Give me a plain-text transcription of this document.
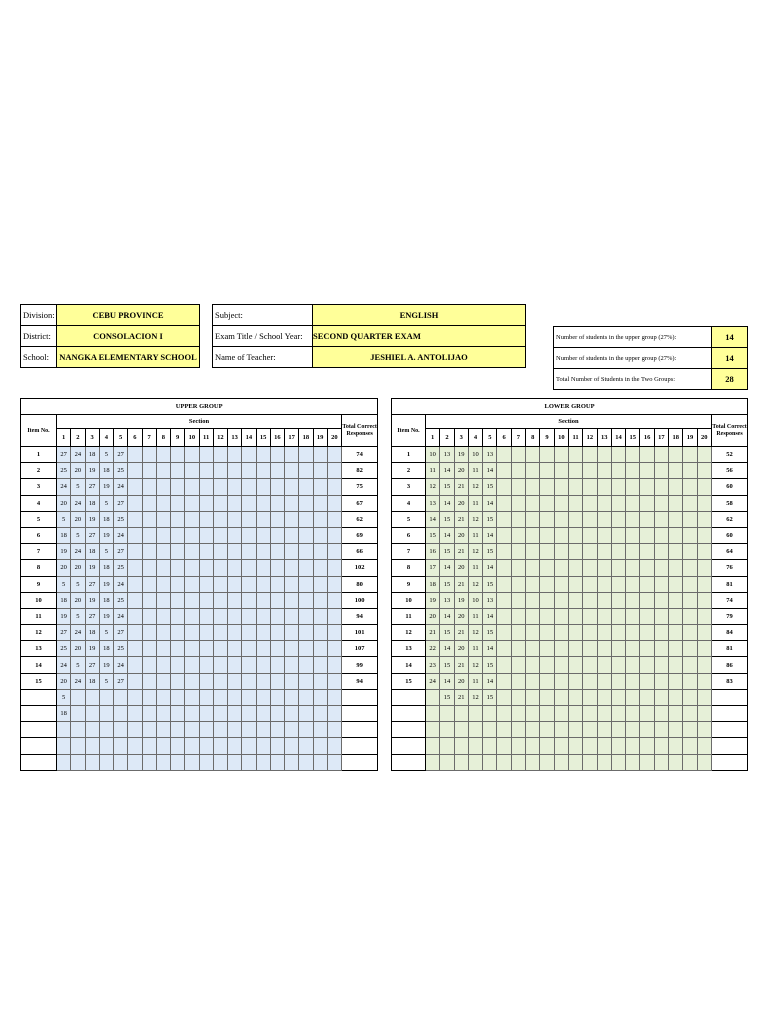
Division:	CEBU PROVINCE
District:	CONSOLACION I
School:	NANGKA ELEMENTARY SCHOOL
Subject:	ENGLISH
Exam Title / School Year:	SECOND QUARTER EXAM
Name of Teacher:	JESHIEL A. ANTOLIJAO
Number of students in the upper group (27%):	14
Number of students in the upper group (27%):	14
Total Number of Students in the Two Groups:	28
UPPER GROUP																					
Item No.	Section																				Total Correct Responses
	1	2	3	4	5	6	7	8	9	10	11	12	13	14	15	16	17	18	19	20	
1	27	24	18	5	27																74
2	25	20	19	18	25																82
3	24	5	27	19	24																75
4	20	24	18	5	27																67
5	5	20	19	18	25																62
6	18	5	27	19	24																69
7	19	24	18	5	27																66
8	20	20	19	18	25																102
9	5	5	27	19	24																80
10	18	20	19	18	25																100
11	19	5	27	19	24																94
12	27	24	18	5	27																101
13	25	20	19	18	25																107
14	24	5	27	19	24																99
15	20	24	18	5	27																94
	5																				
	18																				

LOWER GROUP																					
Item No.	Section																				Total Correct Responses
	1	2	3	4	5	6	7	8	9	10	11	12	13	14	15	16	17	18	19	20	
1	10	13	19	10	13																52
2	11	14	20	11	14																56
3	12	15	21	12	15																60
4	13	14	20	11	14																58
5	14	15	21	12	15																62
6	15	14	20	11	14																60
7	16	15	21	12	15																64
8	17	14	20	11	14																76
9	18	15	21	12	15																81
10	19	13	19	10	13																74
11	20	14	20	11	14																79
12	21	15	21	12	15																84
13	22	14	20	11	14																81
14	23	15	21	12	15																86
15	24	14	20	11	14																83
		15	21	12	15																
